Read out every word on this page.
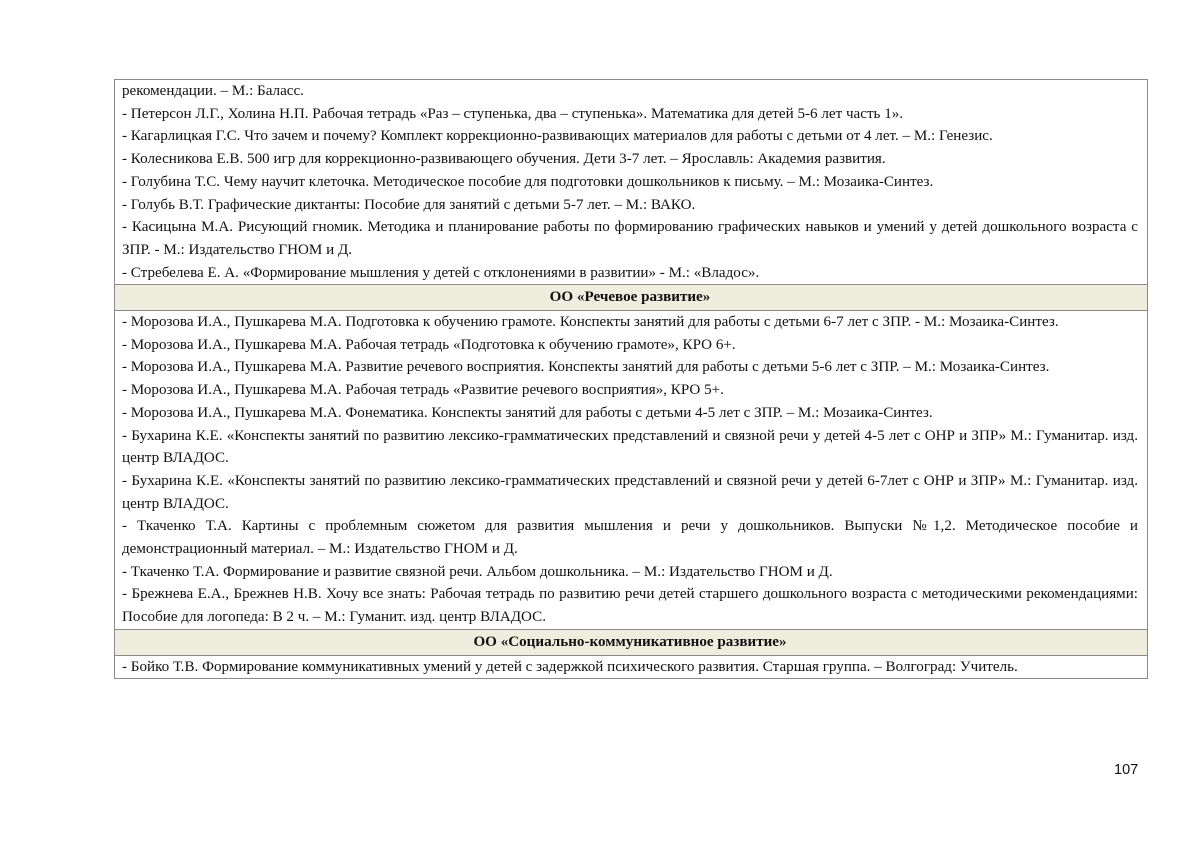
рекомендации. – М.: Баласс.

- Петерсон Л.Г., Холина Н.П. Рабочая тетрадь «Раз – ступенька, два – ступенька». Математика для детей 5-6 лет часть 1».

- Кагарлицкая Г.С. Что зачем и почему? Комплект коррекционно-развивающих материалов для работы с детьми от 4 лет. – М.: Генезис.

- Колесникова Е.В. 500 игр для коррекционно-развивающего обучения. Дети 3-7 лет. – Ярославль: Академия развития.

- Голубина Т.С. Чему научит клеточка. Методическое пособие для подготовки дошкольников к письму. – М.: Мозаика-Синтез.

- Голубь В.Т. Графические диктанты: Пособие для занятий с детьми 5-7 лет. – М.: ВАКО.

- Касицына М.А. Рисующий гномик. Методика и планирование работы по формированию графических навыков и умений у детей дошкольного возраста с ЗПР. - М.: Издательство ГНОМ и Д.

- Стребелева Е. А. «Формирование мышления у детей с отклонениями в развитии» - М.: «Владос».

ОО «Речевое развитие»

- Морозова И.А., Пушкарева М.А. Подготовка к обучению грамоте. Конспекты занятий для работы с детьми 6-7 лет с ЗПР. - М.: Мозаика-Синтез.

- Морозова И.А., Пушкарева М.А. Рабочая тетрадь «Подготовка к обучению грамоте», КРО 6+.

- Морозова И.А., Пушкарева М.А. Развитие речевого восприятия. Конспекты занятий для работы с детьми 5-6 лет с ЗПР. – М.: Мозаика-Синтез.

- Морозова И.А., Пушкарева М.А. Рабочая тетрадь «Развитие речевого восприятия», КРО 5+.

- Морозова И.А., Пушкарева М.А. Фонематика. Конспекты занятий для работы с детьми 4-5 лет с ЗПР. – М.: Мозаика-Синтез.

- Бухарина К.Е. «Конспекты занятий по развитию лексико-грамматических представлений и связной речи у детей 4-5 лет с ОНР и ЗПР» М.: Гуманитар. изд. центр ВЛАДОС.

- Бухарина К.Е. «Конспекты занятий по развитию лексико-грамматических представлений и связной речи у детей 6-7лет с ОНР и ЗПР» М.: Гуманитар. изд. центр ВЛАДОС.

- Ткаченко Т.А. Картины с проблемным сюжетом для развития мышления и речи у дошкольников. Выпуски №1,2. Методическое пособие и демонстрационный материал. – М.: Издательство ГНОМ и Д.

- Ткаченко Т.А. Формирование и развитие связной речи. Альбом дошкольника. – М.: Издательство ГНОМ и Д.

- Брежнева Е.А., Брежнев Н.В. Хочу все знать: Рабочая тетрадь по развитию речи детей старшего дошкольного возраста с методическими рекомендациями: Пособие для логопеда: В 2 ч. – М.: Гуманит. изд. центр ВЛАДОС.

ОО «Социально-коммуникативное развитие»

- Бойко Т.В. Формирование коммуникативных умений у детей с задержкой психического развития. Старшая группа. – Волгоград: Учитель.

107
